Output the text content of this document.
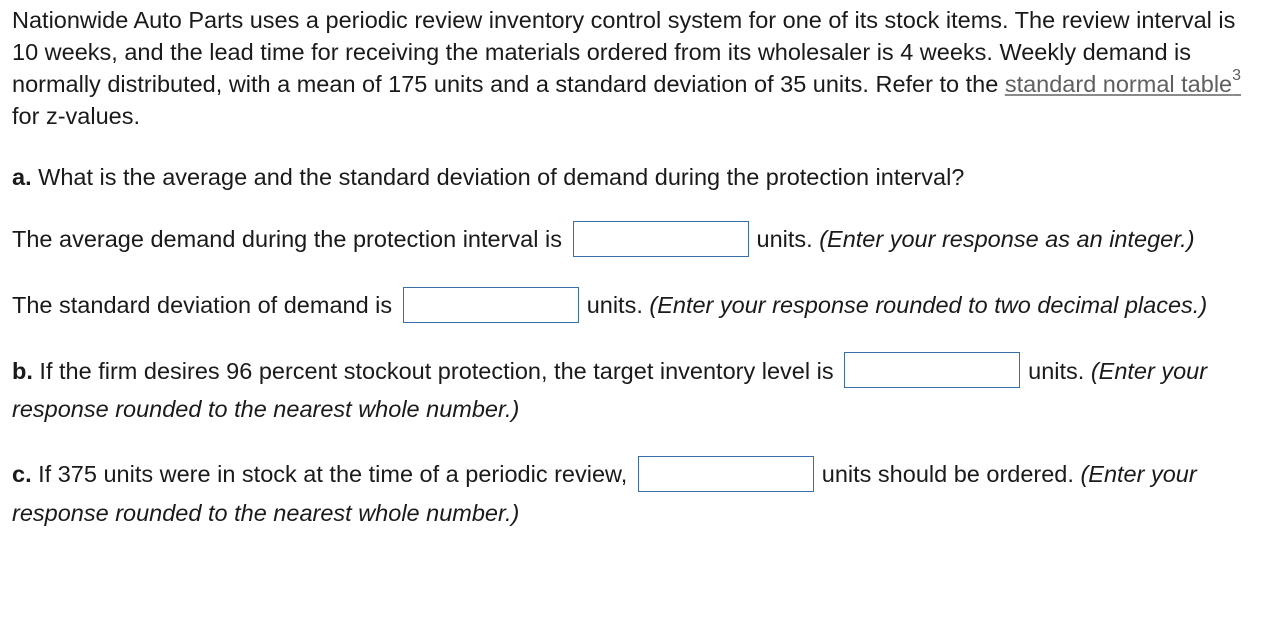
Nationwide Auto Parts uses a periodic review inventory control system for one of its stock items. The review interval is 10 weeks, and the lead time for receiving the materials ordered from its wholesaler is 4 weeks. Weekly demand is normally distributed, with a mean of 175 units and a standard deviation of 35 units. Refer to the standard normal table$^3$ for z-values.

a. What is the average and the standard deviation of demand during the protection interval?

The average demand during the protection interval is	units. (Enter your response as an integer.)

The standard deviation of demand is	units. (Enter your response rounded to two decimal places.)

b. If the firm desires 96 percent stockout protection, the target inventory level is	units. (Enter your response rounded to the nearest whole number.)

c. If 375 units were in stock at the time of a periodic review,	units should be ordered. (Enter your response rounded to the nearest whole number.)
